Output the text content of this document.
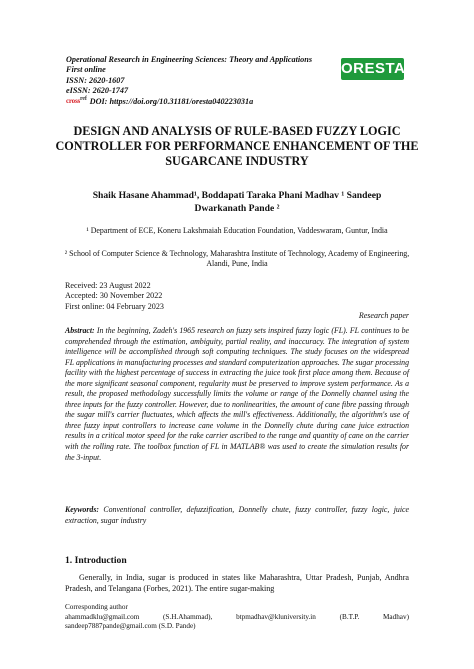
Operational Research in Engineering Sciences: Theory and Applications
First online
ISSN: 2620-1607
eISSN: 2620-1747
cross ref DOI: https://doi.org/10.31181/oresta040223031a
ORESTA
DESIGN AND ANALYSIS OF RULE-BASED FUZZY LOGIC CONTROLLER FOR PERFORMANCE ENHANCEMENT OF THE SUGARCANE INDUSTRY
Shaik Hasane Ahammad¹, Boddapati Taraka Phani Madhav ¹ Sandeep
Dwarkanath Pande ²
¹ Department of ECE, Koneru Lakshmaiah Education Foundation, Vaddeswaram, Guntur, India
² School of Computer Science & Technology, Maharashtra Institute of Technology, Academy of Engineering, Alandi, Pune, India
Received: 23 August 2022
Accepted: 30 November 2022
First online: 04 February 2023
Research paper
Abstract: In the beginning, Zadeh's 1965 research on fuzzy sets inspired fuzzy logic (FL). FL continues to be comprehended through the estimation, ambiguity, partial reality, and inaccuracy. The integration of system intelligence will be accomplished through soft computing techniques. The study focuses on the widespread FL applications in manufacturing processes and standard computerization approaches. The sugar processing facility with the highest percentage of success in extracting the juice took first place among them. Because of the more significant seasonal component, regularity must be preserved to improve system performance. As a result, the proposed methodology successfully limits the volume or range of the Donnelly channel using the three inputs for the fuzzy controller. However, due to nonlinearities, the amount of cane fibre passing through the sugar mill's carrier fluctuates, which affects the mill's effectiveness. Additionally, the algorithm's use of three fuzzy input controllers to increase cane volume in the Donnelly chute during cane juice extraction results in a critical motor speed for the rake carrier ascribed to the range and quantity of cane on the carrier with the rolling rate. The toolbox function of FL in MATLAB® was used to create the simulation results for the 3-input.
Keywords: Conventional controller, defuzzification, Donnelly chute, fuzzy controller, fuzzy logic, juice extraction, sugar industry
1. Introduction
Generally, in India, sugar is produced in states like Maharashtra, Uttar Pradesh, Punjab, Andhra Pradesh, and Telangana (Forbes, 2021). The entire sugar-making
Corresponding author
ahammadklu@gmail.com	(S.H.Ahammad),	btpmadhav@kluniversity.in	(B.T.P.	Madhav)
sandeep7887pande@gmail.com (S.D. Pande)
